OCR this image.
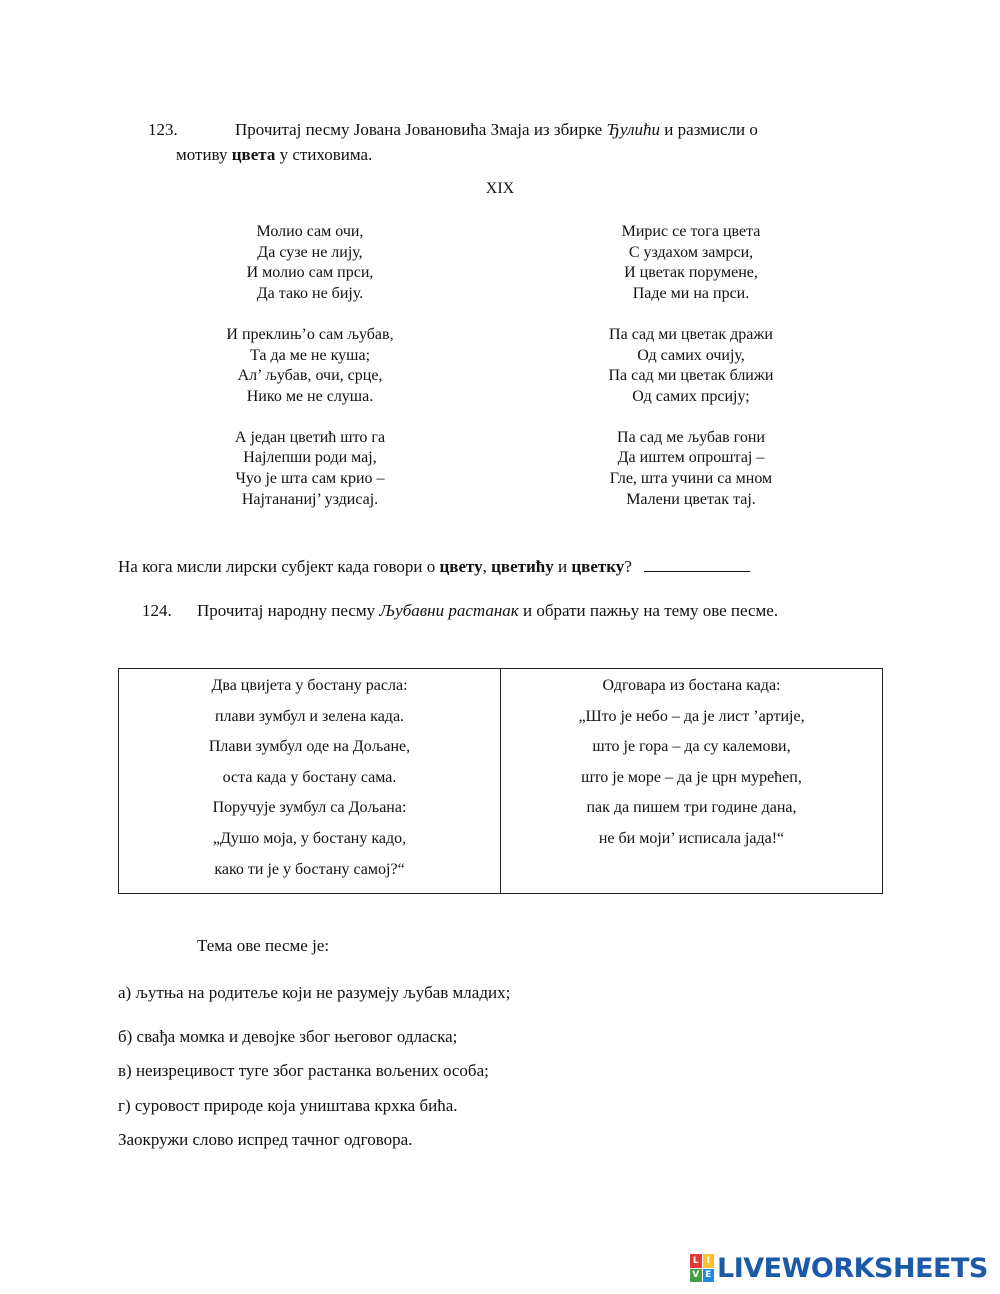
123.	Прочитај песму Јована Јовановића Змаја из збирке Ђулићи и размисли о
мотиву цвета у стиховима.
XIX
Молио сам очи,
Да сузе не лију,
И молио сам прси,
Да тако не бију.
И преклињ’о сам љубав,
Та да ме не куша;
Ал’ љубав, очи, срце,
Нико ме не слуша.
А један цветић што га
Најлепши роди мај,
Чуо је шта сам крио –
Најтананиј’ уздисај.
Мирис се тога цвета
С уздахом замрси,
И цветак порумене,
Паде ми на прси.
Па сад ми цветак дражи
Од самих очију,
Па сад ми цветак ближи
Од самих прсију;
Па сад ме љубав гони
Да иштем опроштај –
Гле, шта учини са мном
Малени цветак тај.
На кога мисли лирски субјект када говори о цвету, цветићу и цветку?
124. Прочитај народну песму Љубавни растанак и обрати пажњу на тему ове песме.
Два цвијета у бостану расла:
плави зумбул и зелена када.
Плави зумбул оде на Дољане,
оста када у бостану сама.
Поручује зумбул са Дољана:
„Душо моја, у бостану кадо,
како ти је у бостану самој?“

Одговара из бостана када:
„Што је небо – да је лист ’артије,
што је гора – да су калемови,
што је море – да је црн мурећеп,
пак да пишем три године дана,
не би моји’ исписала јада!“
Тема ове песме је:
а) љутња на родитеље који не разумеју љубав младих;
б) свађа момка и девојке због његовог одласка;
в) неизрецивост туге због растанка вољених особа;
г) суровост природе која уништава крхка бића.
Заокружи слово испред тачног одговора.
L I
V E LIVEWORKSHEETS
